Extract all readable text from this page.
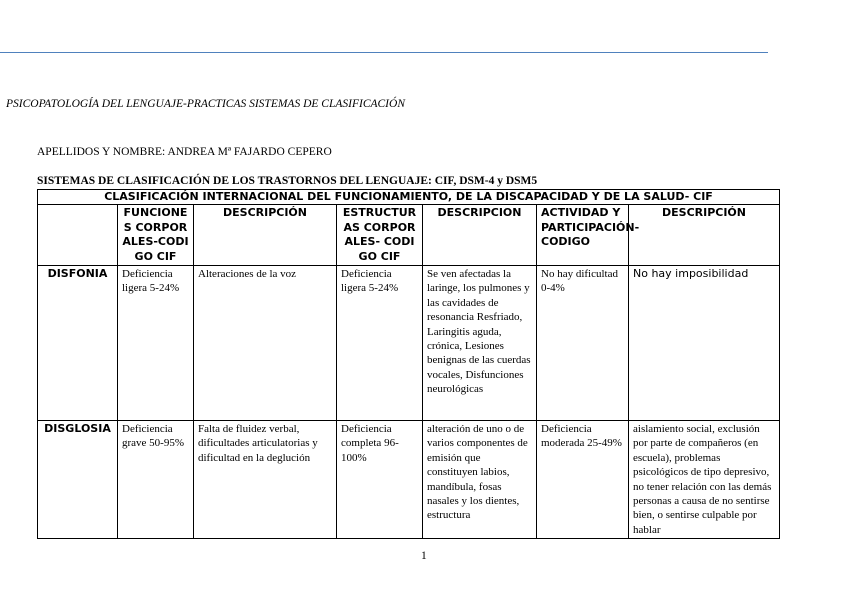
PSICOPATOLOGÍA DEL LENGUAJE-PRACTICAS SISTEMAS DE CLASIFICACIÓN
APELLIDOS Y NOMBRE: ANDREA Mª FAJARDO CEPERO
SISTEMAS DE CLASIFICACIÓN DE LOS TRASTORNOS DEL LENGUAJE: CIF, DSM-4 y DSM5
CLASIFICACIÓN INTERNACIONAL DEL FUNCIONAMIENTO, DE LA DISCAPACIDAD Y DE LA SALUD- CIF						
	FUNCIONES CORPORALES-CODIGO CIF	DESCRIPCIÓN	ESTRUCTURAS CORPORALES- CODIGO CIF	DESCRIPCION	ACTIVIDAD Y PARTICIPACIÓN-CODIGO	DESCRIPCIÓN
DISFONIA	Deficiencia ligera 5-24%	Alteraciones de la voz	Deficiencia ligera 5-24%	Se ven afectadas la laringe, los pulmones y las cavidades de resonancia Resfriado, Laringitis aguda, crónica, Lesiones benignas de las cuerdas vocales, Disfunciones neurológicas	No hay dificultad 0-4%	No hay imposibilidad
DISGLOSIA	Deficiencia grave 50-95%	Falta de fluidez verbal, dificultades articulatorias y dificultad en la deglución	Deficiencia completa 96-100%	alteración de uno o de varios componentes de emisión que constituyen labios, mandíbula, fosas nasales y los dientes, estructura	Deficiencia moderada 25-49%	aislamiento social, exclusión por parte de compañeros (en escuela), problemas psicológicos de tipo depresivo, no tener relación con las demás personas a causa de no sentirse bien, o sentirse culpable por hablar
1
